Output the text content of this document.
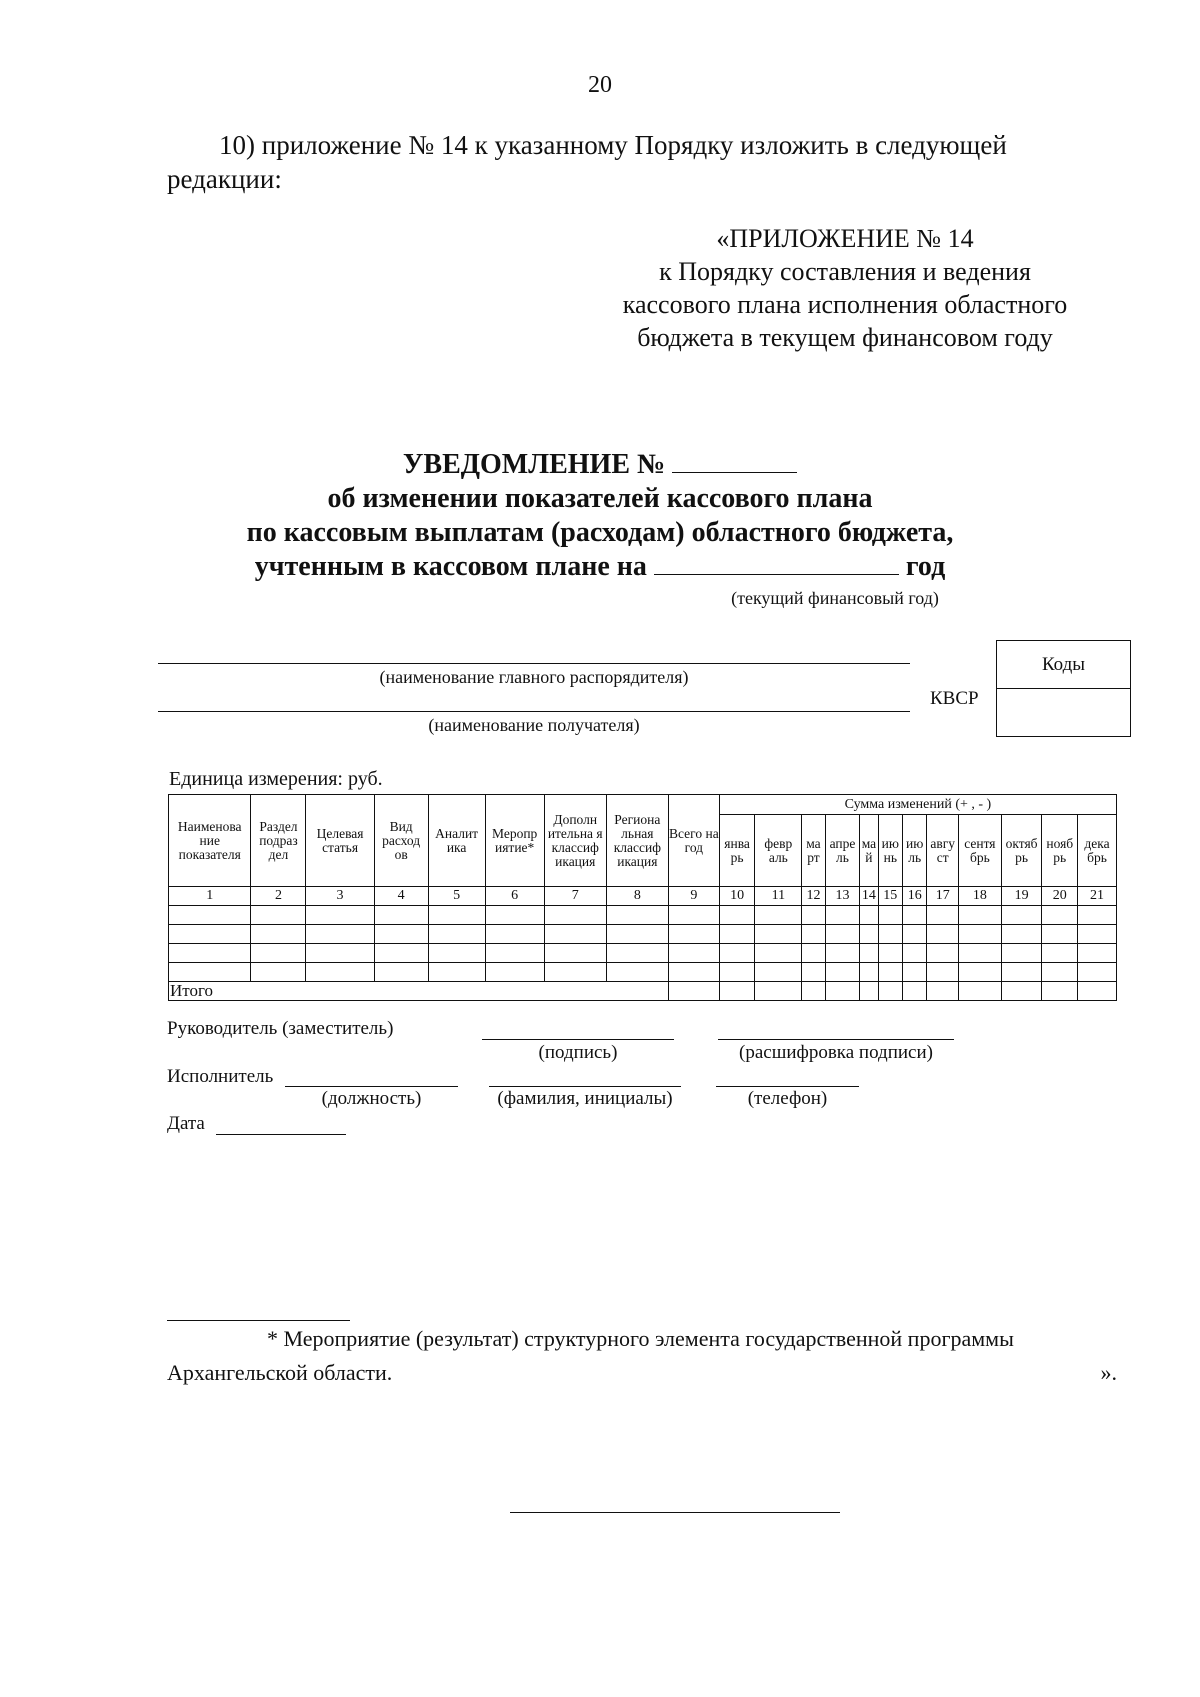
20
10) приложение № 14 к указанному Порядку изложить в следующей
редакции:
«ПРИЛОЖЕНИЕ № 14
к Порядку составления и ведения
кассового плана исполнения областного
бюджета в текущем финансовом году
УВЕДОМЛЕНИЕ №
об изменении показателей кассового плана
по кассовым выплатам (расходам) областного бюджета,
учтенным в кассовом плане на	год
(текущий финансовый год)
(наименование главного распорядителя)
(наименование получателя)
Коды
КВСР
Единица измерения: руб.
Наименова ние показателя	Раздел подраз дел	Целевая статья	Вид расход ов	Аналит ика	Меропр иятие*	Дополн ительна я классиф икация	Региона льная классиф икация	Всего на год	Сумма изменений (+ , - )											
									янва рь	февр аль	ма рт	апре ль	ма й	ию нь	ию ль	авгу ст	сентя брь	октяб рь	нояб рь	дека брь
1	2	3	4	5	6	7	8	9	10	11	12	13	14	15	16	17	18	19	20	21

Итого																				
Руководитель (заместитель)
(подпись)	(расшифровка подписи)
Исполнитель
(должность)	(фамилия, инициалы)	(телефон)
Дата
* Мероприятие (результат) структурного элемента государственной программы
Архангельской области.	».
